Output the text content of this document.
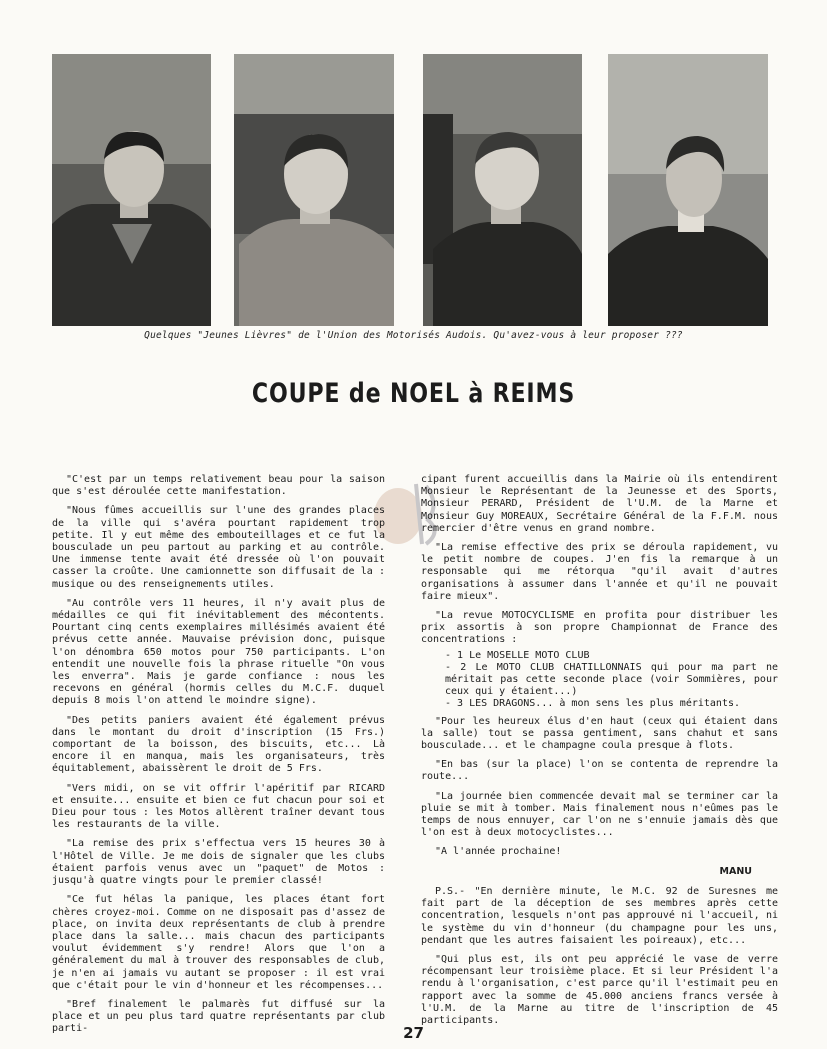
Quelques "Jeunes Lièvres" de l'Union des Motorisés Audois. Qu'avez-vous à leur proposer ???
COUPE de NOEL à REIMS

"C'est par un temps relativement beau pour la saison que s'est déroulée cette manifestation.

"Nous fûmes accueillis sur l'une des grandes places de la ville qui s'avéra pourtant rapidement trop petite. Il y eut même des embouteillages et ce fut la bousculade un peu partout au parking et au contrôle. Une immense tente avait été dressée où l'on pouvait casser la croûte. Une camionnette son diffusait de la : musique ou des renseignements utiles.

"Au contrôle vers 11 heures, il n'y avait plus de médailles ce qui fit inévitablement des mécontents. Pourtant cinq cents exemplaires millésimés avaient été prévus cette année. Mauvaise prévision donc, puisque l'on dénombra 650 motos pour 750 participants. L'on entendit une nouvelle fois la phrase rituelle "On vous les enverra". Mais je garde confiance : nous les recevons en général (hormis celles du M.C.F. duquel depuis 8 mois l'on attend le moindre signe).

"Des petits paniers avaient été également prévus dans le montant du droit d'inscription (15 Frs.) comportant de la boisson, des biscuits, etc... Là encore il en manqua, mais les organisateurs, très équitablement, abaissèrent le droit de 5 Frs.

"Vers midi, on se vit offrir l'apéritif par RICARD et ensuite... ensuite et bien ce fut chacun pour soi et Dieu pour tous : les Motos allèrent traîner devant tous les restaurants de la ville.

"La remise des prix s'effectua vers 15 heures 30 à l'Hôtel de Ville. Je me dois de signaler que les clubs étaient parfois venus avec un "paquet" de Motos : jusqu'à quatre vingts pour le premier classé!

"Ce fut hélas la panique, les places étant fort chères croyez-moi. Comme on ne disposait pas d'assez de place, on invita deux représentants de club à prendre place dans la salle... mais chacun des participants voulut évidemment s'y rendre! Alors que l'on a généralement du mal à trouver des responsables de club, je n'en ai jamais vu autant se proposer : il est vrai que c'était pour le vin d'honneur et les récompenses...

"Bref finalement le palmarès fut diffusé sur la place et un peu plus tard quatre représentants par club parti-

cipant furent accueillis dans la Mairie où ils entendirent Monsieur le Représentant de la Jeunesse et des Sports, Monsieur PERARD, Président de l'U.M. de la Marne et Monsieur Guy MOREAUX, Secrétaire Général de la F.F.M. nous remercier d'être venus en grand nombre.

"La remise effective des prix se déroula rapidement, vu le petit nombre de coupes. J'en fis la remarque à un responsable qui me rétorqua "qu'il avait d'autres organisations à assumer dans l'année et qu'il ne pouvait faire mieux".

"La revue MOTOCYCLISME en profita pour distribuer les prix assortis à son propre Championnat de France des concentrations :

- 1 Le MOSELLE MOTO CLUB
- 2 Le MOTO CLUB CHATILLONNAIS qui pour ma part ne méritait pas cette seconde place (voir Sommières, pour ceux qui y étaient...)
- 3 LES DRAGONS... à mon sens les plus méritants.

"Pour les heureux élus d'en haut (ceux qui étaient dans la salle) tout se passa gentiment, sans chahut et sans bousculade... et le champagne coula presque à flots.

"En bas (sur la place) l'on se contenta de reprendre la route...

"La journée bien commencée devait mal se terminer car la pluie se mit à tomber. Mais finalement nous n'eûmes pas le temps de nous ennuyer, car l'on ne s'ennuie jamais dès que l'on est à deux motocyclistes...

"A l'année prochaine!

MANU

P.S.- "En dernière minute, le M.C. 92 de Suresnes me fait part de la déception de ses membres après cette concentration, lesquels n'ont pas approuvé ni l'accueil, ni le système du vin d'honneur (du champagne pour les uns, pendant que les autres faisaient les poireaux), etc...

"Qui plus est, ils ont peu apprécié le vase de verre récompensant leur troisième place. Et si leur Président l'a rendu à l'organisation, c'est parce qu'il l'estimait peu en rapport avec la somme de 45.000 anciens francs versée à l'U.M. de la Marne au titre de l'inscription de 45 participants.

27
